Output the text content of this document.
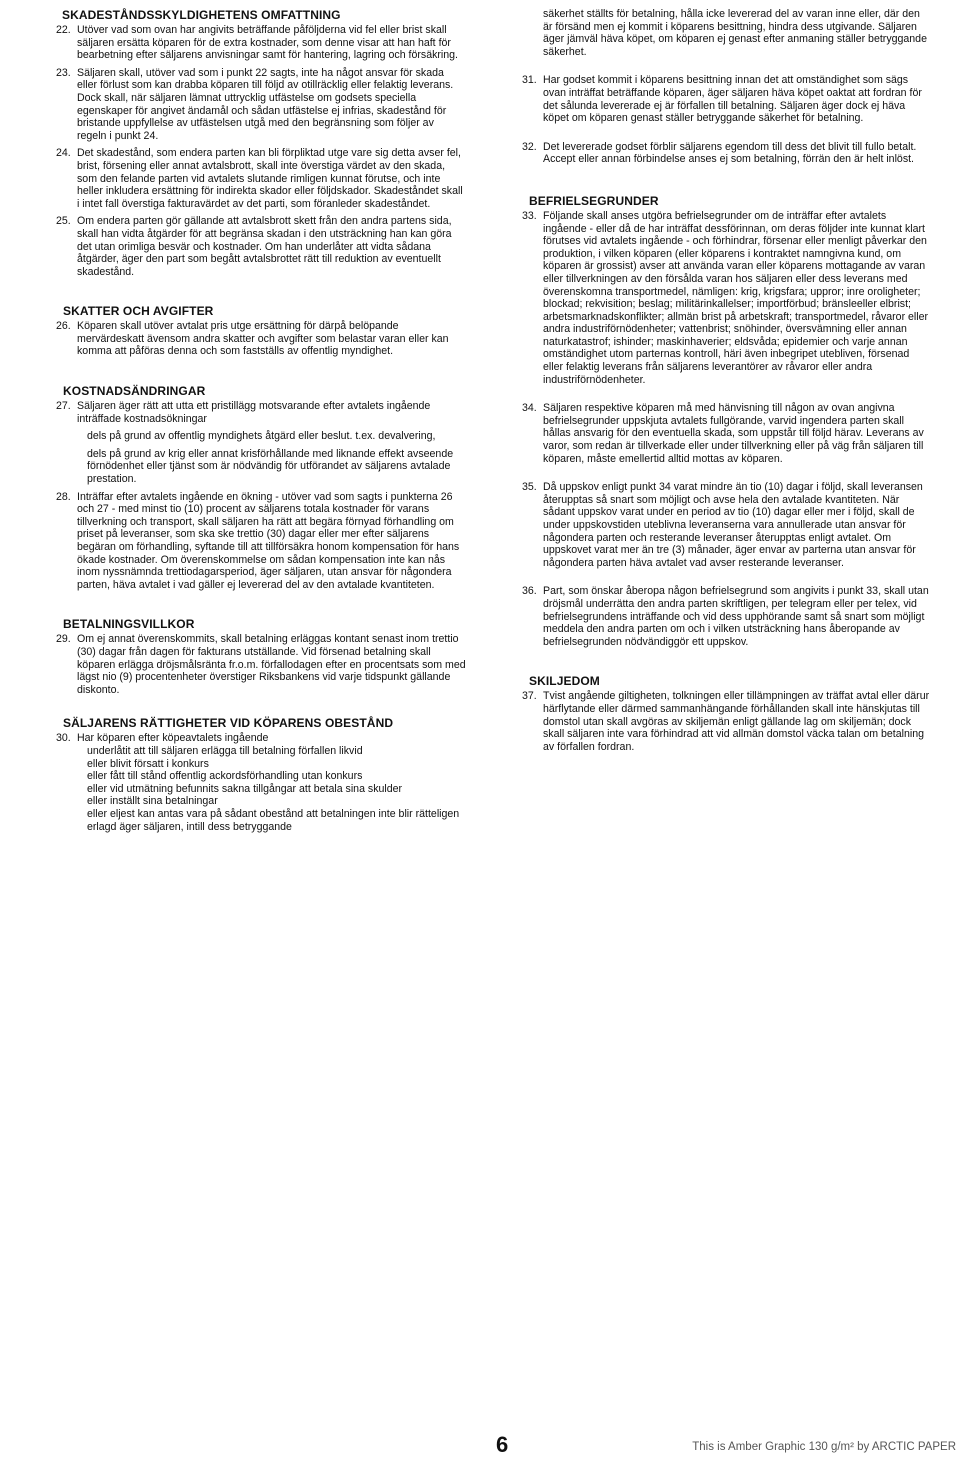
SKADESTÅNDSSKYLDIGHETENS OMFATTNING
22. Utöver vad som ovan har angivits beträffande påföljderna vid fel eller brist skall säljaren ersätta köparen för de extra kostnader, som denne visar att han haft för bearbetning efter säljarens anvisningar samt för hantering, lagring och försäkring.
23. Säljaren skall, utöver vad som i punkt 22 sagts, inte ha något ansvar för skada eller förlust som kan drabba köparen till följd av otillräcklig eller felaktig leverans. Dock skall, när säljaren lämnat uttrycklig utfästelse om godsets speciella egenskaper för angivet ändamål och sådan utfästelse ej infrias, skadestånd för bristande uppfyllelse av utfästelsen utgå med den begränsning som följer av regeln i punkt 24.
24. Det skadestånd, som endera parten kan bli förpliktad utge vare sig detta avser fel, brist, försening eller annat avtalsbrott, skall inte överstiga värdet av den skada, som den felande parten vid avtalets slutande rimligen kunnat förutse, och inte heller inkludera ersättning för indirekta skador eller följdskador. Skadeståndet skall i intet fall överstiga fakturavärdet av det parti, som föranleder skadeståndet.
25. Om endera parten gör gällande att avtalsbrott skett från den andra partens sida, skall han vidta åtgärder för att begränsa skadan i den utsträckning han kan göra det utan orimliga besvär och kostnader. Om han underlåter att vidta sådana åtgärder, äger den part som begått avtalsbrottet rätt till reduktion av eventuellt skadestånd.
SKATTER OCH AVGIFTER
26. Köparen skall utöver avtalat pris utge ersättning för därpå belöpande mervärdeskatt ävensom andra skatter och avgifter som belastar varan eller kan komma att påföras denna och som fastställs av offentlig myndighet.
KOSTNADSÄNDRINGAR
27. Säljaren äger rätt att utta ett pristillägg motsvarande efter avtalets ingående inträffade kostnadsökningar
dels på grund av offentlig myndighets åtgärd eller beslut. t.ex. devalvering,
dels på grund av krig eller annat krisförhållande med liknande effekt avseende förnödenhet eller tjänst som är nödvändig för utförandet av säljarens avtalade prestation.
28. Inträffar efter avtalets ingående en ökning - utöver vad som sagts i punkterna 26 och 27 - med minst tio (10) procent av säljarens totala kostnader för varans tillverkning och transport, skall säljaren ha rätt att begära förnyad förhandling om priset på leveranser, som ska ske trettio (30) dagar eller mer efter säljarens begäran om förhandling, syftande till att tillförsäkra honom kompensation för hans ökade kostnader. Om överenskommelse om sådan kompensation inte kan nås inom nyssnämnda trettiodagarsperiod, äger säljaren, utan ansvar för någondera parten, häva avtalet i vad gäller ej levererad del av den avtalade kvantiteten.
BETALNINGSVILLKOR
29. Om ej annat överenskommits, skall betalning erläggas kontant senast inom trettio (30) dagar från dagen för fakturans utställande. Vid försenad betalning skall köparen erlägga dröjsmålsränta fr.o.m. förfallodagen efter en procentsats som med lägst nio (9) procentenheter överstiger Riksbankens vid varje tidspunkt gällande diskonto.
SÄLJARENS RÄTTIGHETER VID KÖPARENS OBESTÅND
30. Har köparen efter köpeavtalets ingående
underlåtit att till säljaren erlägga till betalning förfallen likvid
eller blivit försatt i konkurs
eller fått till stånd offentlig ackordsförhandling utan konkurs
eller vid utmätning befunnits sakna tillgångar att betala sina skulder
eller inställt sina betalningar
eller eljest kan antas vara på sådant obestånd att betalningen inte blir rätteligen erlagd äger säljaren, intill dess betryggande
säkerhet ställts för betalning, hålla icke levererad del av varan inne eller, där den är försänd men ej kommit i köparens besittning, hindra dess utgivande. Säljaren äger jämväl häva köpet, om köparen ej genast efter anmaning ställer betryggande säkerhet.
31. Har godset kommit i köparens besittning innan det att omständighet som sägs ovan inträffat beträffande köparen, äger säljaren häva köpet oaktat att fordran för det sålunda levererade ej är förfallen till betalning. Säljaren äger dock ej häva köpet om köparen genast ställer betryggande säkerhet för betalning.
32. Det levererade godset förblir säljarens egendom till dess det blivit till fullo betalt. Accept eller annan förbindelse anses ej som betalning, förrän den är helt inlöst.
BEFRIELSEGRUNDER
33. Följande skall anses utgöra befrielsegrunder om de inträffar efter avtalets ingående - eller då de har inträffat dessförinnan, om deras följder inte kunnat klart förutses vid avtalets ingående - och förhindrar, försenar eller menligt påverkar den produktion, i vilken köparen (eller köparens i kontraktet namngivna kund, om köparen är grossist) avser att använda varan eller köparens mottagande av varan eller tillverkningen av den försålda varan hos säljaren eller dess leverans med överenskomna transportmedel, nämligen: krig, krigsfara; uppror; inre oroligheter; blockad; rekvisition; beslag; militärinkallelser; importförbud; bränsleeller elbrist; arbetsmarknadskonflikter; allmän brist på arbetskraft; transportmedel, råvaror eller andra industriförnödenheter; vattenbrist; snöhinder, översvämning eller annan naturkatastrof; ishinder; maskinhaverier; eldsvåda; epidemier och varje annan omständighet utom parternas kontroll, häri även inbegripet utebliven, försenad eller felaktig leverans från säljarens leverantörer av råvaror eller andra industriförnödenheter.
34. Säljaren respektive köparen må med hänvisning till någon av ovan angivna befrielsegrunder uppskjuta avtalets fullgörande, varvid ingendera parten skall hållas ansvarig för den eventuella skada, som uppstår till följd härav. Leverans av varor, som redan är tillverkade eller under tillverkning eller på väg från säljaren till köparen, måste emellertid alltid mottas av köparen.
35. Då uppskov enligt punkt 34 varat mindre än tio (10) dagar i följd, skall leveransen återupptas så snart som möjligt och avse hela den avtalade kvantiteten. När sådant uppskov varat under en period av tio (10) dagar eller mer i följd, skall de under uppskovstiden uteblivna leveranserna vara annullerade utan ansvar för någondera parten och resterande leveranser återupptas enligt avtalet. Om uppskovet varat mer än tre (3) månader, äger envar av parterna utan ansvar för någondera parten häva avtalet vad avser resterande leveranser.
36. Part, som önskar åberopa någon befrielsegrund som angivits i punkt 33, skall utan dröjsmål underrätta den andra parten skriftligen, per telegram eller per telex, vid befrielsegrundens inträffande och vid dess upphörande samt så snart som möjligt meddela den andra parten om och i vilken utsträckning hans åberopande av befrielsegrunden nödvändiggör ett uppskov.
SKILJEDOM
37. Tvist angående giltigheten, tolkningen eller tillämpningen av träffat avtal eller därur härflytande eller därmed sammanhängande förhållanden skall inte hänskjutas till domstol utan skall avgöras av skiljemän enligt gällande lag om skiljemän; dock skall säljaren inte vara förhindrad att vid allmän domstol väcka talan om betalning av förfallen fordran.
6	This is Amber Graphic 130 g/m² by ARCTIC PAPER
